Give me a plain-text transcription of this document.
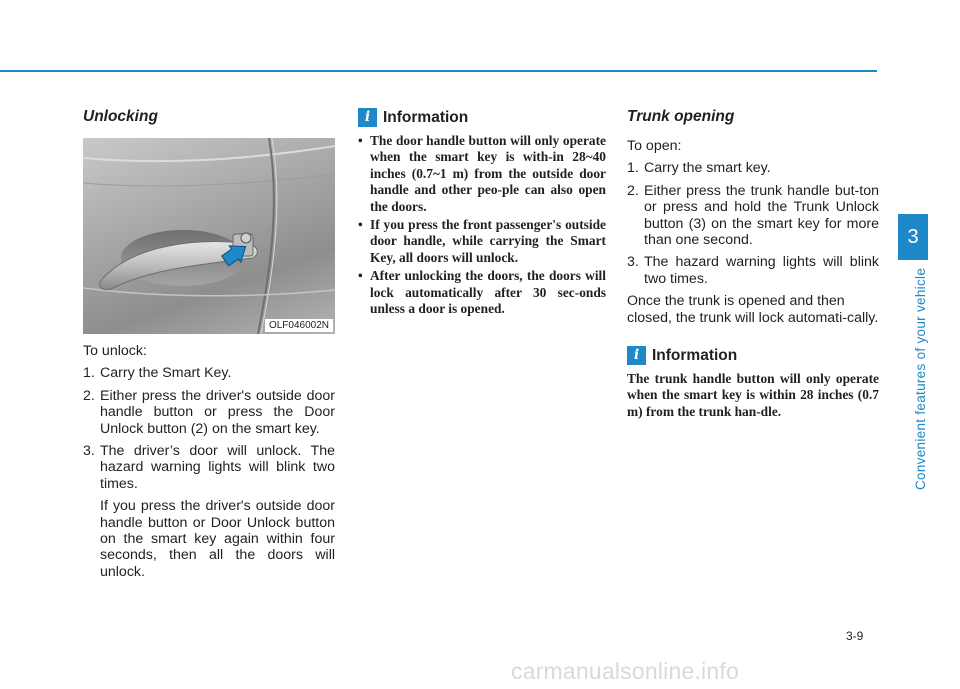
Unlocking
OLF046002N

To unlock:

1. Carry the Smart Key.
2. Either press the driver's outside door handle button or press the Door Unlock button (2) on the smart key.
3. The driver’s door will unlock. The hazard warning lights will blink two times.
If you press the driver's outside door handle button or Door Unlock button on the smart key again within four seconds, then all the doors will unlock.
i Information
• The door handle button will only operate when the smart key is with-in 28~40 inches (0.7~1 m) from the outside door handle and other peo-ple can also open the doors.
• If you press the front passenger's outside door handle, while carrying the Smart Key, all doors will unlock.
• After unlocking the doors, the doors will lock automatically after 30 sec-onds unless a door is opened.
Trunk opening

To open:

1. Carry the smart key.
2. Either press the trunk handle but-ton or press and hold the Trunk Unlock button (3) on the smart key for more than one second.
3. The hazard warning lights will blink two times.

Once the trunk is opened and then closed, the trunk will lock automati-cally.

i Information

The trunk handle button will only operate when the smart key is within 28 inches (0.7 m) from the trunk han-dle.

3
Convenient features of your vehicle
3-9
carmanualsonline.info
